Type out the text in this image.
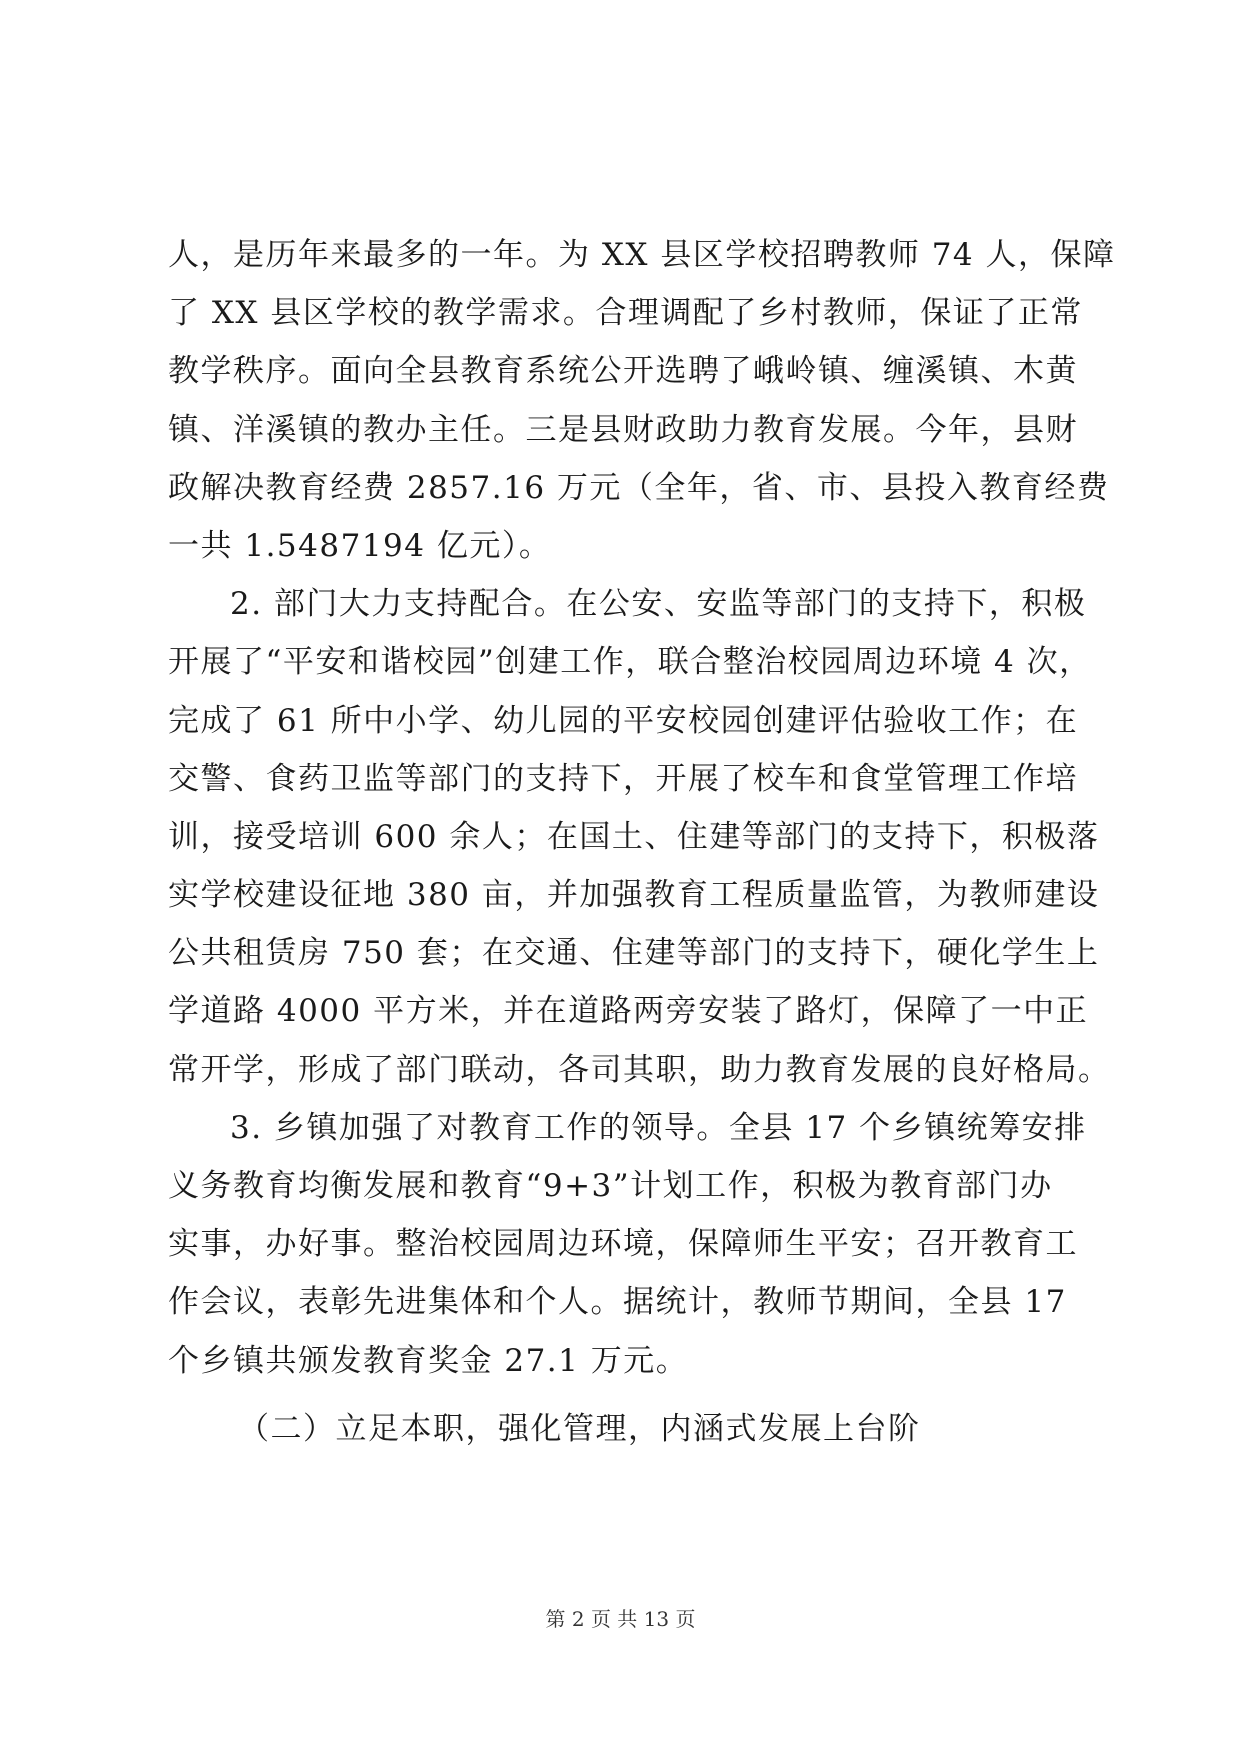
人，是历年来最多的一年。为 XX 县区学校招聘教师 74 人，保障
了 XX 县区学校的教学需求。合理调配了乡村教师，保证了正常
教学秩序。面向全县教育系统公开选聘了峨岭镇、缠溪镇、木黄
镇、洋溪镇的教办主任。三是县财政助力教育发展。今年，县财
政解决教育经费 2857.16 万元（全年，省、市、县投入教育经费
一共 1.5487194 亿元）。
2. 部门大力支持配合。在公安、安监等部门的支持下，积极
开展了“平安和谐校园”创建工作，联合整治校园周边环境 4 次，
完成了 61 所中小学、幼儿园的平安校园创建评估验收工作；在
交警、食药卫监等部门的支持下，开展了校车和食堂管理工作培
训，接受培训 600 余人；在国土、住建等部门的支持下，积极落
实学校建设征地 380 亩，并加强教育工程质量监管，为教师建设
公共租赁房 750 套；在交通、住建等部门的支持下，硬化学生上
学道路 4000 平方米，并在道路两旁安装了路灯，保障了一中正
常开学，形成了部门联动，各司其职，助力教育发展的良好格局。
3. 乡镇加强了对教育工作的领导。全县 17 个乡镇统筹安排
义务教育均衡发展和教育“9+3”计划工作，积极为教育部门办
实事，办好事。整治校园周边环境，保障师生平安；召开教育工
作会议，表彰先进集体和个人。据统计，教师节期间，全县 17
个乡镇共颁发教育奖金 27.1 万元。
（二）立足本职，强化管理，内涵式发展上台阶
第 2 页 共 13 页
